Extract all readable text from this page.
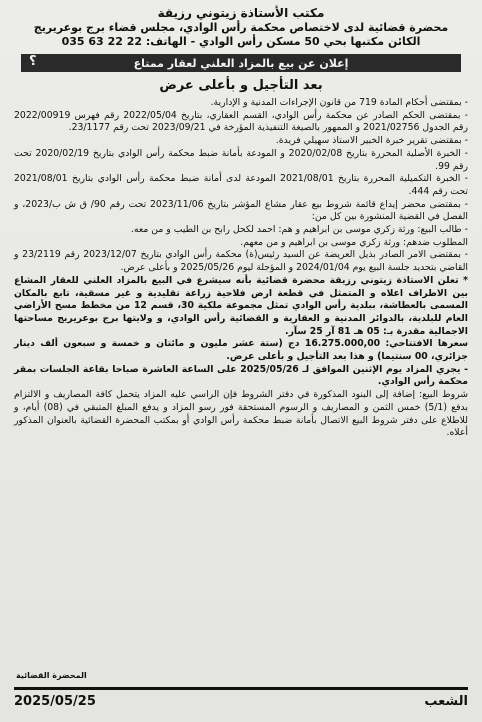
مكتب الأستاذة زيتوني رزيقة
محضرة قضائية لدى لاختصاص محكمة رأس الوادي، مجلس قضاء برج بوعريريج
الكائن مكتبها بحي 50 مسكن رأس الوادي - الهاتف: 22 22 63 035
إعلان عن بيع بالمزاد العلني لعقار ممتاع
؟
بعد التأجيل و بأعلى عرض

- بمقتضى أحكام المادة 719 من قانون الإجراءات المدنية و الإدارية.

- بمقتضى الحكم الصادر عن محكمة رأس الوادي، القسم العقاري، بتاريخ 2022/05/04 رقم فهرس 2022/00919 رقم الجدول 2021/02756 و الممهور بالصيغة التنفيذية المؤرخة في 2023/09/21 تحت رقم 23/1177.

- بمقتضى تقرير خبرة الخبير الاستاذ سهيلي فريدة.

- الخبرة الأصلية المحررة بتاريخ 2020/02/08 و المودعة بأمانة ضبط محكمة رأس الوادي بتاريخ 2020/02/19 تحت رقم 99.

- الخبرة التكميلية المحررة بتاريخ 2021/08/01 المودعة لدى أمانة ضبط محكمة رأس الوادي بتاريخ 2021/08/01 تحت رقم 444.

- بمقتضى محضر إيداع قائمة شروط بيع عقار مشاع المؤشر بتاريخ 2023/11/06 تحت رقم 90/ ق ش ب/2023، و الفصل في القضية المنشورة بين كل من:

- طالب البيع: ورثة زكري موسى بن ابراهيم و هم: احمد لكحل رابح بن الطيب و من معه.

المطلوب ضدهم: ورثة زكري موسى بن ابراهيم و من معهم.

- بمقتضى الامر الصادر بذيل العريضة عن السيد رئيس(ة) محكمة رأس الوادي بتاريخ 2023/12/07 رقم 23/2119 و القاضي بتحديد جلسة البيع يوم 2024/01/04 و المؤجلة ليوم 2025/05/26 و بأعلى عرض.

* تعلن الاستاذة زيتوني رزيقة محضرة قضائية بأنه سيشرع في البيع بالمزاد العلني للعقار المشاع بين الاطراف اعلاه و المتمثل في قطعة ارض فلاحية زراعة تقليدية و غير مسقية، تابع بالمكان المسمى بالعطاشة، ببلدية رأس الوادي تمثل مجموعة ملكية 30، قسم 12 من مخطط مسح الأراضي العام للبلدية، بالدوائر المدنية و العقارية و القضائية رأس الوادي، و ولايتها برج بوعريريج مساحتها الاجمالية مقدرة بـ: 05 هـ 81 آر 25 سآر.

سعرها الافتتاحي: 16.275.000,00 دج (ستة عشر مليون و مائتان و خمسة و سبعون ألف دينار جزائري، 00 سنتيما) و هذا بعد التأجيل و بأعلى عرض.

- يجري المزاد يوم الإثنين الموافق لـ 2025/05/26 على الساعة العاشرة صباحا بقاعة الجلسات بمقر محكمة رأس الوادي.

شروط البيع: إضافة إلى البنود المذكورة في دفتر الشروط فإن الراسي عليه المزاد يتحمل كافة المصاريف و الالتزام بدفع (5/1) خمس الثمن و المصاريف و الرسوم المستحقة فور رسو المزاد و يدفع المبلغ المتبقي في (08) أيام، و للاطلاع على دفتر شروط البيع الاتصال بأمانة ضبط محكمة رأس الوادي أو بمكتب المحضرة القضائية بالعنوان المذكور أعلاه.

المحضرة القضائية
2025/05/25	الشعب
